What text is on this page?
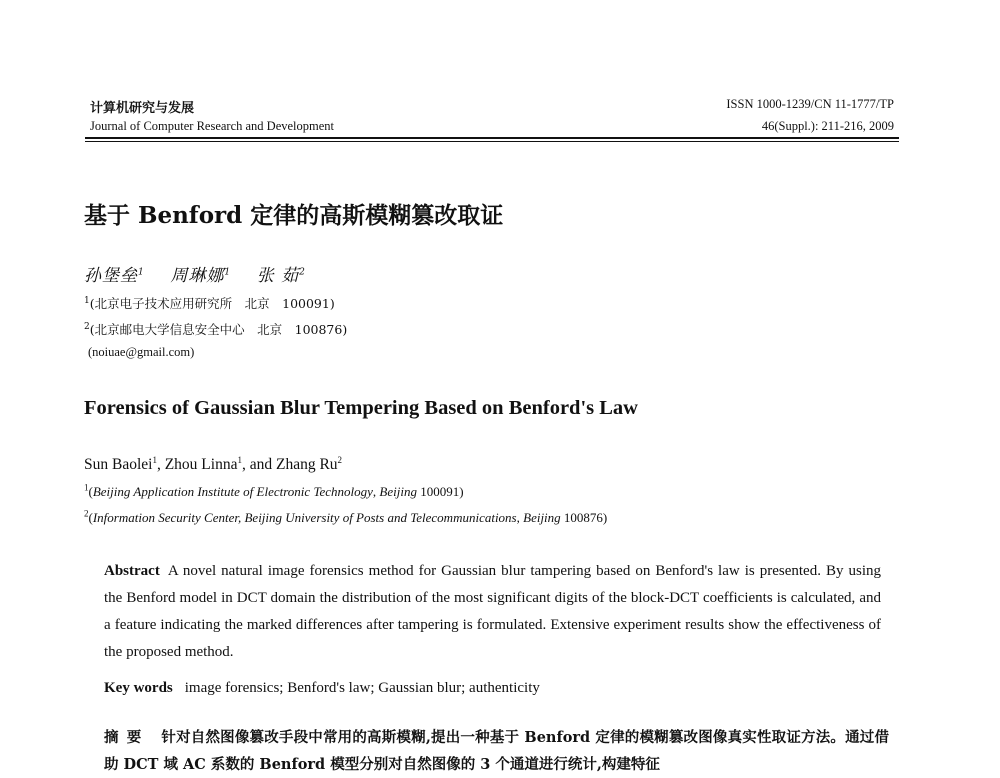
计算机研究与发展
Journal of Computer Research and Development
ISSN 1000-1239/CN 11-1777/TP
46(Suppl.): 211-216, 2009
基于 Benford 定律的高斯模糊篡改取证
孙堡垒$^1$ 周琳娜$^1$ 张 茹$^2$
$^1$(北京电子技术应用研究所　北京　100091)
$^2$(北京邮电大学信息安全中心　北京　100876)
(noiuae@gmail.com)
Forensics of Gaussian Blur Tempering Based on Benford's Law
Sun Baolei$^1$, Zhou Linna$^1$, and Zhang Ru$^2$
$^1$(Beijing Application Institute of Electronic Technology, Beijing 100091)
$^2$(Information Security Center, Beijing University of Posts and Telecommunications, Beijing 100876)
Abstract A novel natural image forensics method for Gaussian blur tampering based on Benford's law is presented. By using the Benford model in DCT domain the distribution of the most significant digits of the block-DCT coefficients is calculated, and a feature indicating the marked differences after tampering is formulated. Extensive experiment results show the effectiveness of the proposed method.
Key words image forensics; Benford's law; Gaussian blur; authenticity
摘要 针对自然图像篡改手段中常用的高斯模糊,提出一种基于 Benford 定律的模糊篡改图像真实性取证方法。通过借助 DCT 域 AC 系数的 Benford 模型分别对自然图像的 3 个通道进行统计,构建特征
